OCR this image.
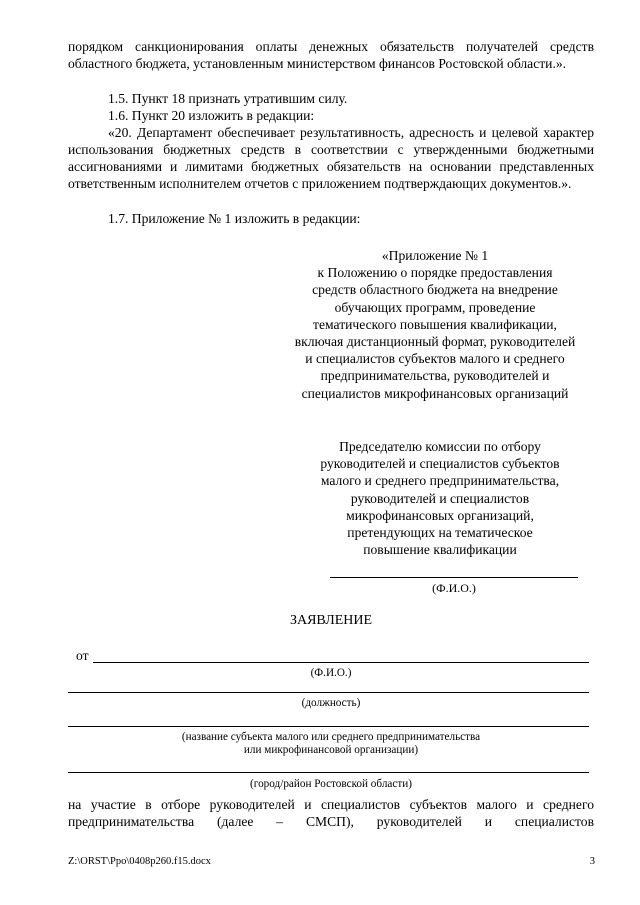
порядком санкционирования оплаты денежных обязательств получателей средств областного бюджета, установленным министерством финансов Ростовской области.».
1.5. Пункт 18 признать утратившим силу.
1.6. Пункт 20 изложить в редакции:
«20. Департамент обеспечивает результативность, адресность и целевой характер использования бюджетных средств в соответствии с утвержденными бюджетными ассигнованиями и лимитами бюджетных обязательств на основании представленных ответственным исполнителем отчетов с приложением подтверждающих документов.».
1.7. Приложение № 1 изложить в редакции:
«Приложение № 1
к Положению о порядке предоставления
средств областного бюджета на внедрение
обучающих программ, проведение
тематического повышения квалификации,
включая дистанционный формат, руководителей
и специалистов субъектов малого и среднего
предпринимательства, руководителей и
специалистов микрофинансовых организаций
Председателю комиссии по отбору
руководителей и специалистов субъектов
малого и среднего предпринимательства,
руководителей и специалистов
микрофинансовых организаций,
претендующих на тематическое
повышение квалификации
(Ф.И.О.)
ЗАЯВЛЕНИЕ
от
(Ф.И.О.)
(должность)
(название субъекта малого или среднего предпринимательства
или микрофинансовой организации)
(город/район Ростовской области)
на участие в отборе руководителей и специалистов субъектов малого и среднего предпринимательства (далее – СМСП), руководителей и специалистов
Z:\ORST\Ppo\0408p260.f15.docx	3
